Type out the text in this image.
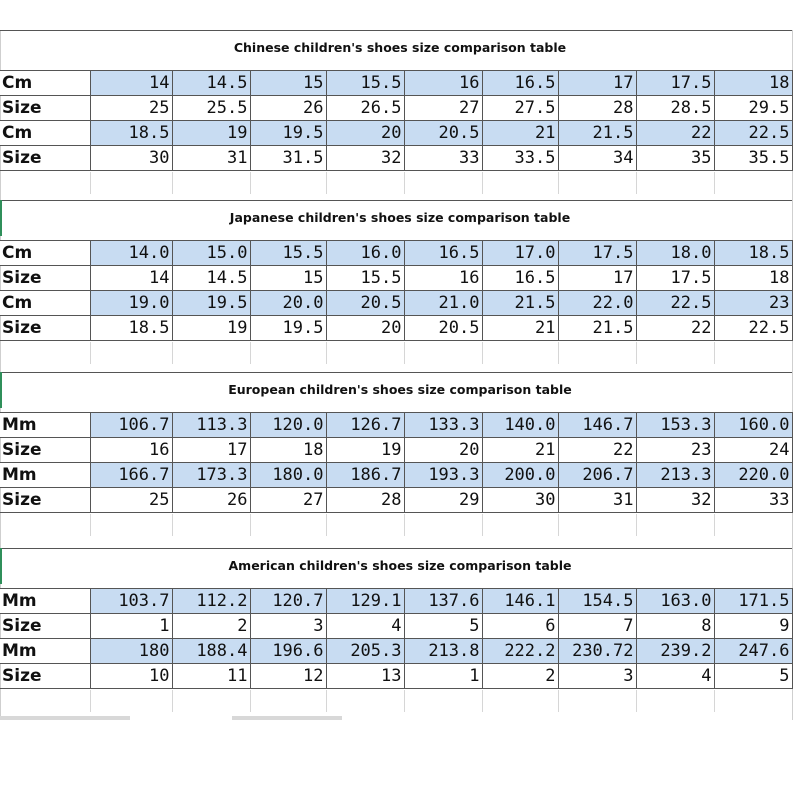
Chinese children's shoes size comparison table
Cm	14	14.5	15	15.5	16	16.5	17	17.5	18
Size	25	25.5	26	26.5	27	27.5	28	28.5	29.5
Cm	18.5	19	19.5	20	20.5	21	21.5	22	22.5
Size	30	31	31.5	32	33	33.5	34	35	35.5
Japanese children's shoes size comparison table
Cm	14.0	15.0	15.5	16.0	16.5	17.0	17.5	18.0	18.5
Size	14	14.5	15	15.5	16	16.5	17	17.5	18
Cm	19.0	19.5	20.0	20.5	21.0	21.5	22.0	22.5	23
Size	18.5	19	19.5	20	20.5	21	21.5	22	22.5
European children's shoes size comparison table
Mm	106.7	113.3	120.0	126.7	133.3	140.0	146.7	153.3	160.0
Size	16	17	18	19	20	21	22	23	24
Mm	166.7	173.3	180.0	186.7	193.3	200.0	206.7	213.3	220.0
Size	25	26	27	28	29	30	31	32	33
American children's shoes size comparison table
Mm	103.7	112.2	120.7	129.1	137.6	146.1	154.5	163.0	171.5
Size	1	2	3	4	5	6	7	8	9
Mm	180	188.4	196.6	205.3	213.8	222.2	230.72	239.2	247.6
Size	10	11	12	13	1	2	3	4	5
